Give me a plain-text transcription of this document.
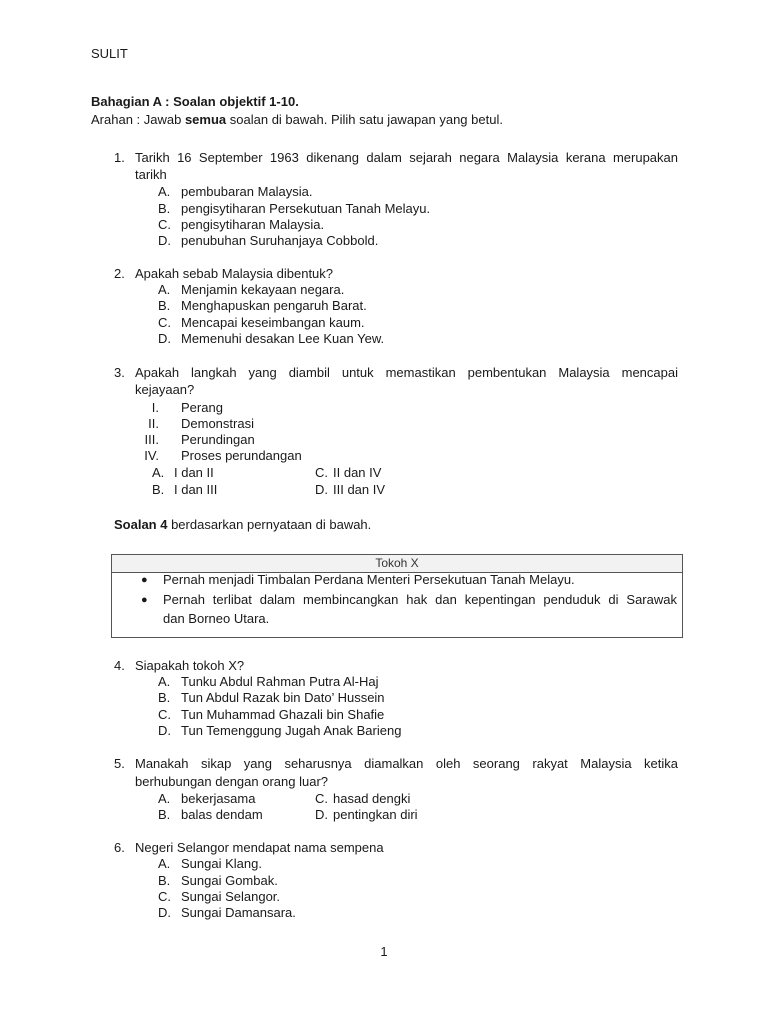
SULIT
Bahagian A : Soalan objektif 1-10.
Arahan : Jawab semua soalan di bawah. Pilih satu jawapan yang betul.
1. Tarikh 16 September 1963 dikenang dalam sejarah negara Malaysia kerana merupakan
tarikh
A. pembubaran Malaysia.
B. pengisytiharan Persekutuan Tanah Melayu.
C. pengisytiharan Malaysia.
D. penubuhan Suruhanjaya Cobbold.
2. Apakah sebab Malaysia dibentuk?
A. Menjamin kekayaan negara.
B. Menghapuskan pengaruh Barat.
C. Mencapai keseimbangan kaum.
D. Memenuhi desakan Lee Kuan Yew.
3. Apakah langkah yang diambil untuk memastikan pembentukan Malaysia mencapai
kejayaan?
I. Perang
II. Demonstrasi
III. Perundingan
IV. Proses perundangan
A. I dan II
B. I dan III
C. II dan IV
D. III dan IV
Soalan 4 berdasarkan pernyataan di bawah.
Tokoh X
● Pernah menjadi Timbalan Perdana Menteri Persekutuan Tanah Melayu.
● Pernah terlibat dalam membincangkan hak dan kepentingan penduduk di Sarawak
dan Borneo Utara.
4. Siapakah tokoh X?
A. Tunku Abdul Rahman Putra Al-Haj
B. Tun Abdul Razak bin Dato’ Hussein
C. Tun Muhammad Ghazali bin Shafie
D. Tun Temenggung Jugah Anak Barieng
5. Manakah sikap yang seharusnya diamalkan oleh seorang rakyat Malaysia ketika
berhubungan dengan orang luar?
A. bekerjasama
B. balas dendam
C. hasad dengki
D. pentingkan diri
6. Negeri Selangor mendapat nama sempena
A. Sungai Klang.
B. Sungai Gombak.
C. Sungai Selangor.
D. Sungai Damansara.
1
